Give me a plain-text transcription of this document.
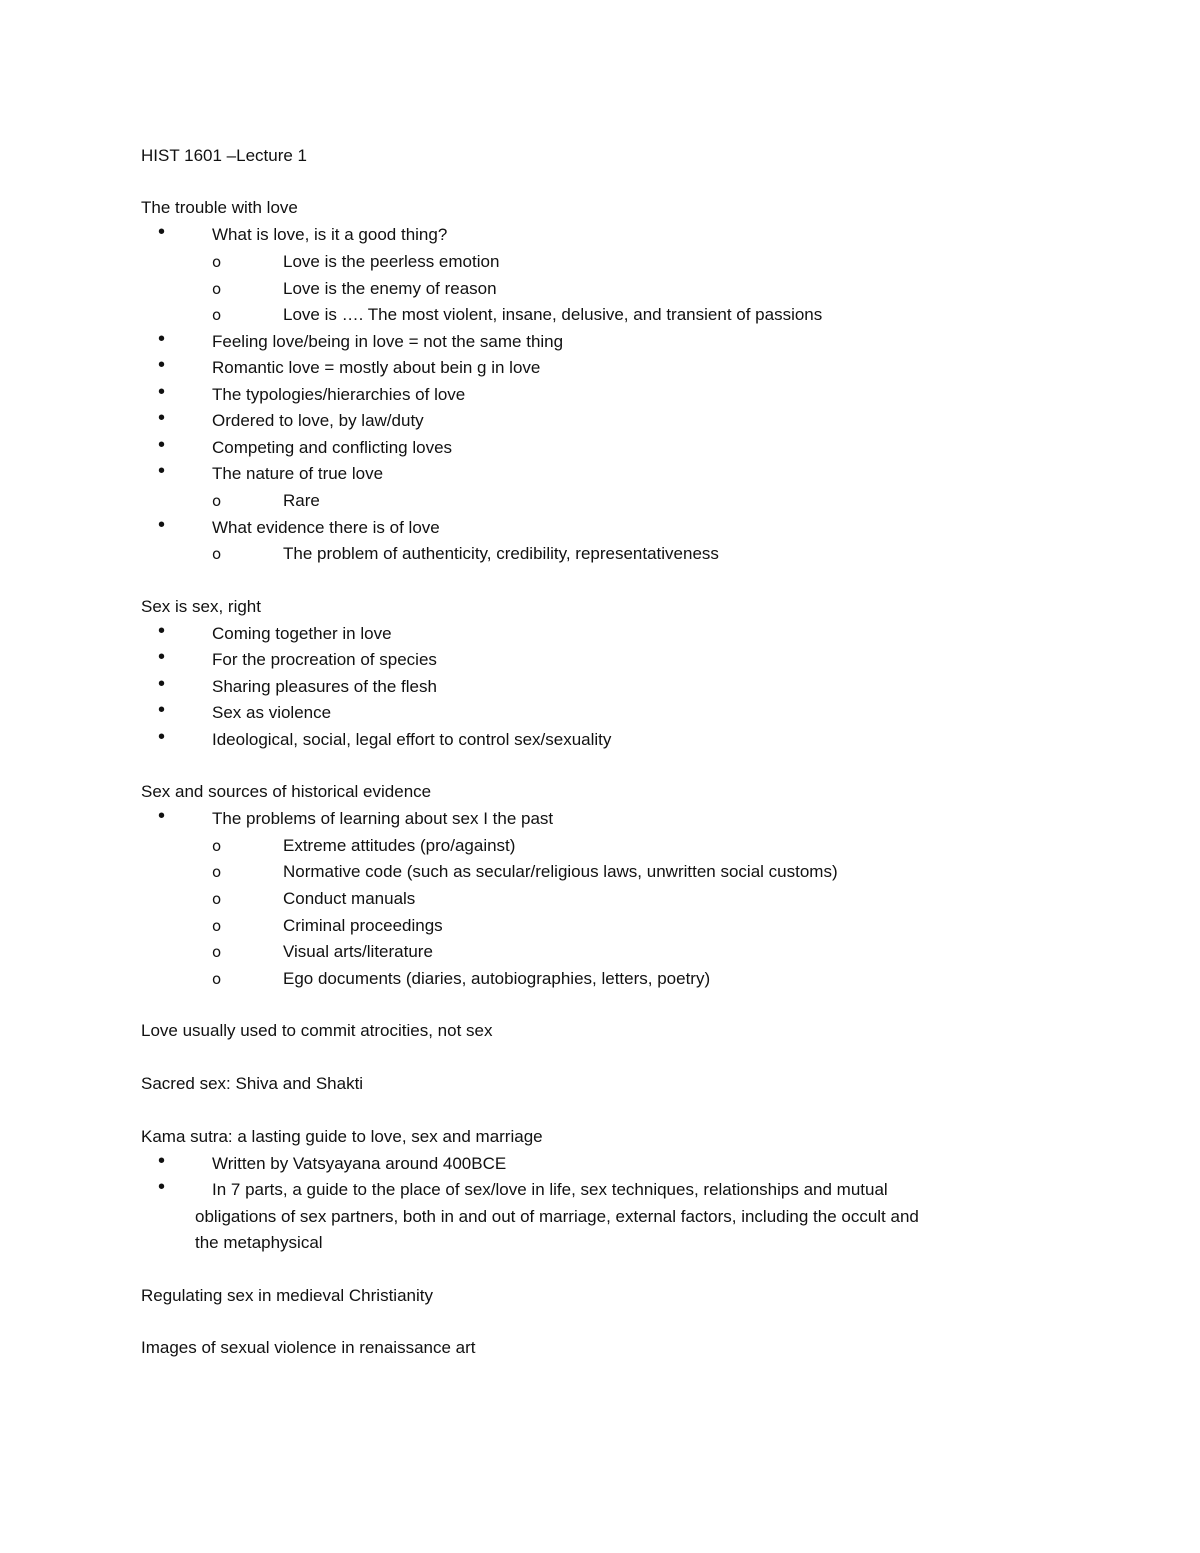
HIST 1601 –Lecture 1
The trouble with love
•	What is love, is it a good thing?
o	Love is the peerless emotion
o	Love is the enemy of reason
o	Love is …. The most violent, insane, delusive, and transient of passions
•	Feeling love/being in love = not the same thing
•	Romantic love = mostly about bein g in love
•	The typologies/hierarchies of love
•	Ordered to love, by law/duty
•	Competing and conflicting loves
•	The nature of true love
o	Rare
•	What evidence there is of love
o	The problem of authenticity, credibility, representativeness
Sex is sex, right
•	Coming together in love
•	For the procreation of species
•	Sharing pleasures of the flesh
•	Sex as violence
•	Ideological, social, legal effort to control sex/sexuality
Sex and sources of historical evidence
•	The problems of learning about sex I the past
o	Extreme attitudes (pro/against)
o	Normative code (such as secular/religious laws, unwritten social customs)
o	Conduct manuals
o	Criminal proceedings
o	Visual arts/literature
o	Ego documents (diaries, autobiographies, letters, poetry)
Love usually used to commit atrocities, not sex
Sacred sex: Shiva and Shakti
Kama sutra: a lasting guide to love, sex and marriage
•	Written by Vatsyayana around 400BCE
•	In 7 parts, a guide to the place of sex/love in life, sex techniques, relationships and mutual
obligations of sex partners, both in and out of marriage, external factors, including the occult and
the metaphysical
Regulating sex in medieval Christianity
Images of sexual violence in renaissance art
